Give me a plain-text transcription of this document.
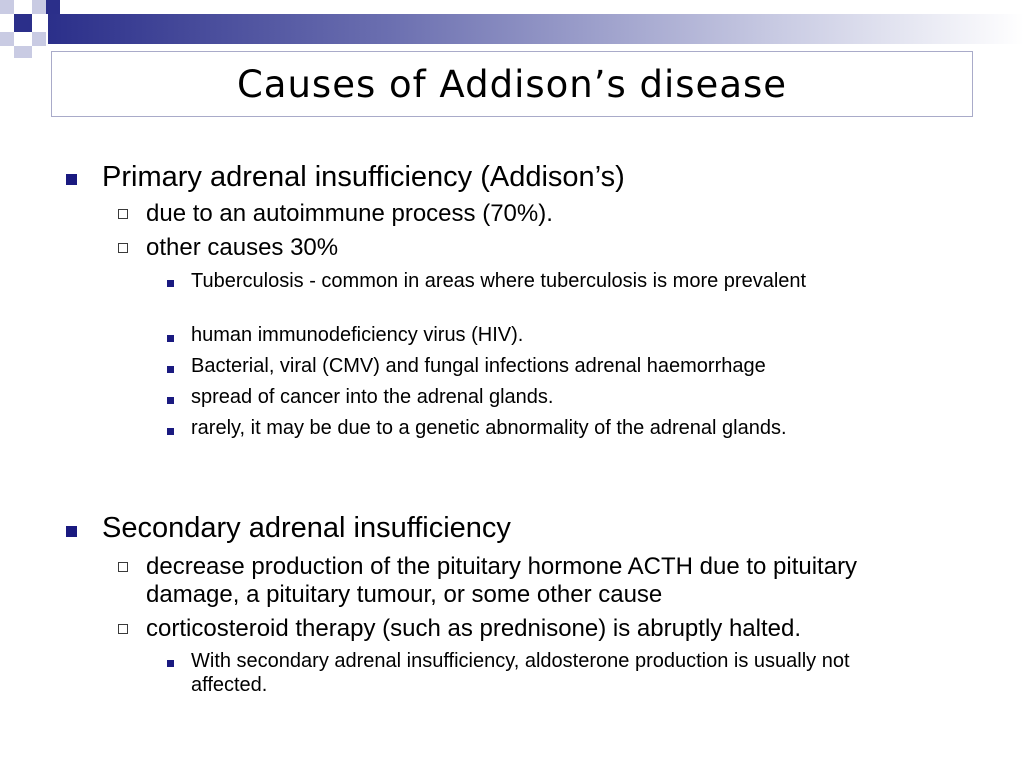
Causes of Addison’s disease
Primary adrenal insufficiency (Addison’s)
due to an autoimmune process (70%).
other causes 30%
Tuberculosis - common in areas where tuberculosis is more prevalent
human immunodeficiency virus (HIV).
Bacterial, viral (CMV) and fungal infections adrenal haemorrhage
spread of cancer into the adrenal glands.
rarely, it may be due to a genetic abnormality of the adrenal glands.
Secondary adrenal insufficiency
decrease production of the pituitary hormone ACTH due to pituitary damage, a pituitary tumour, or some other cause
corticosteroid therapy (such as prednisone) is abruptly halted.
With secondary adrenal insufficiency, aldosterone production is usually not affected.
